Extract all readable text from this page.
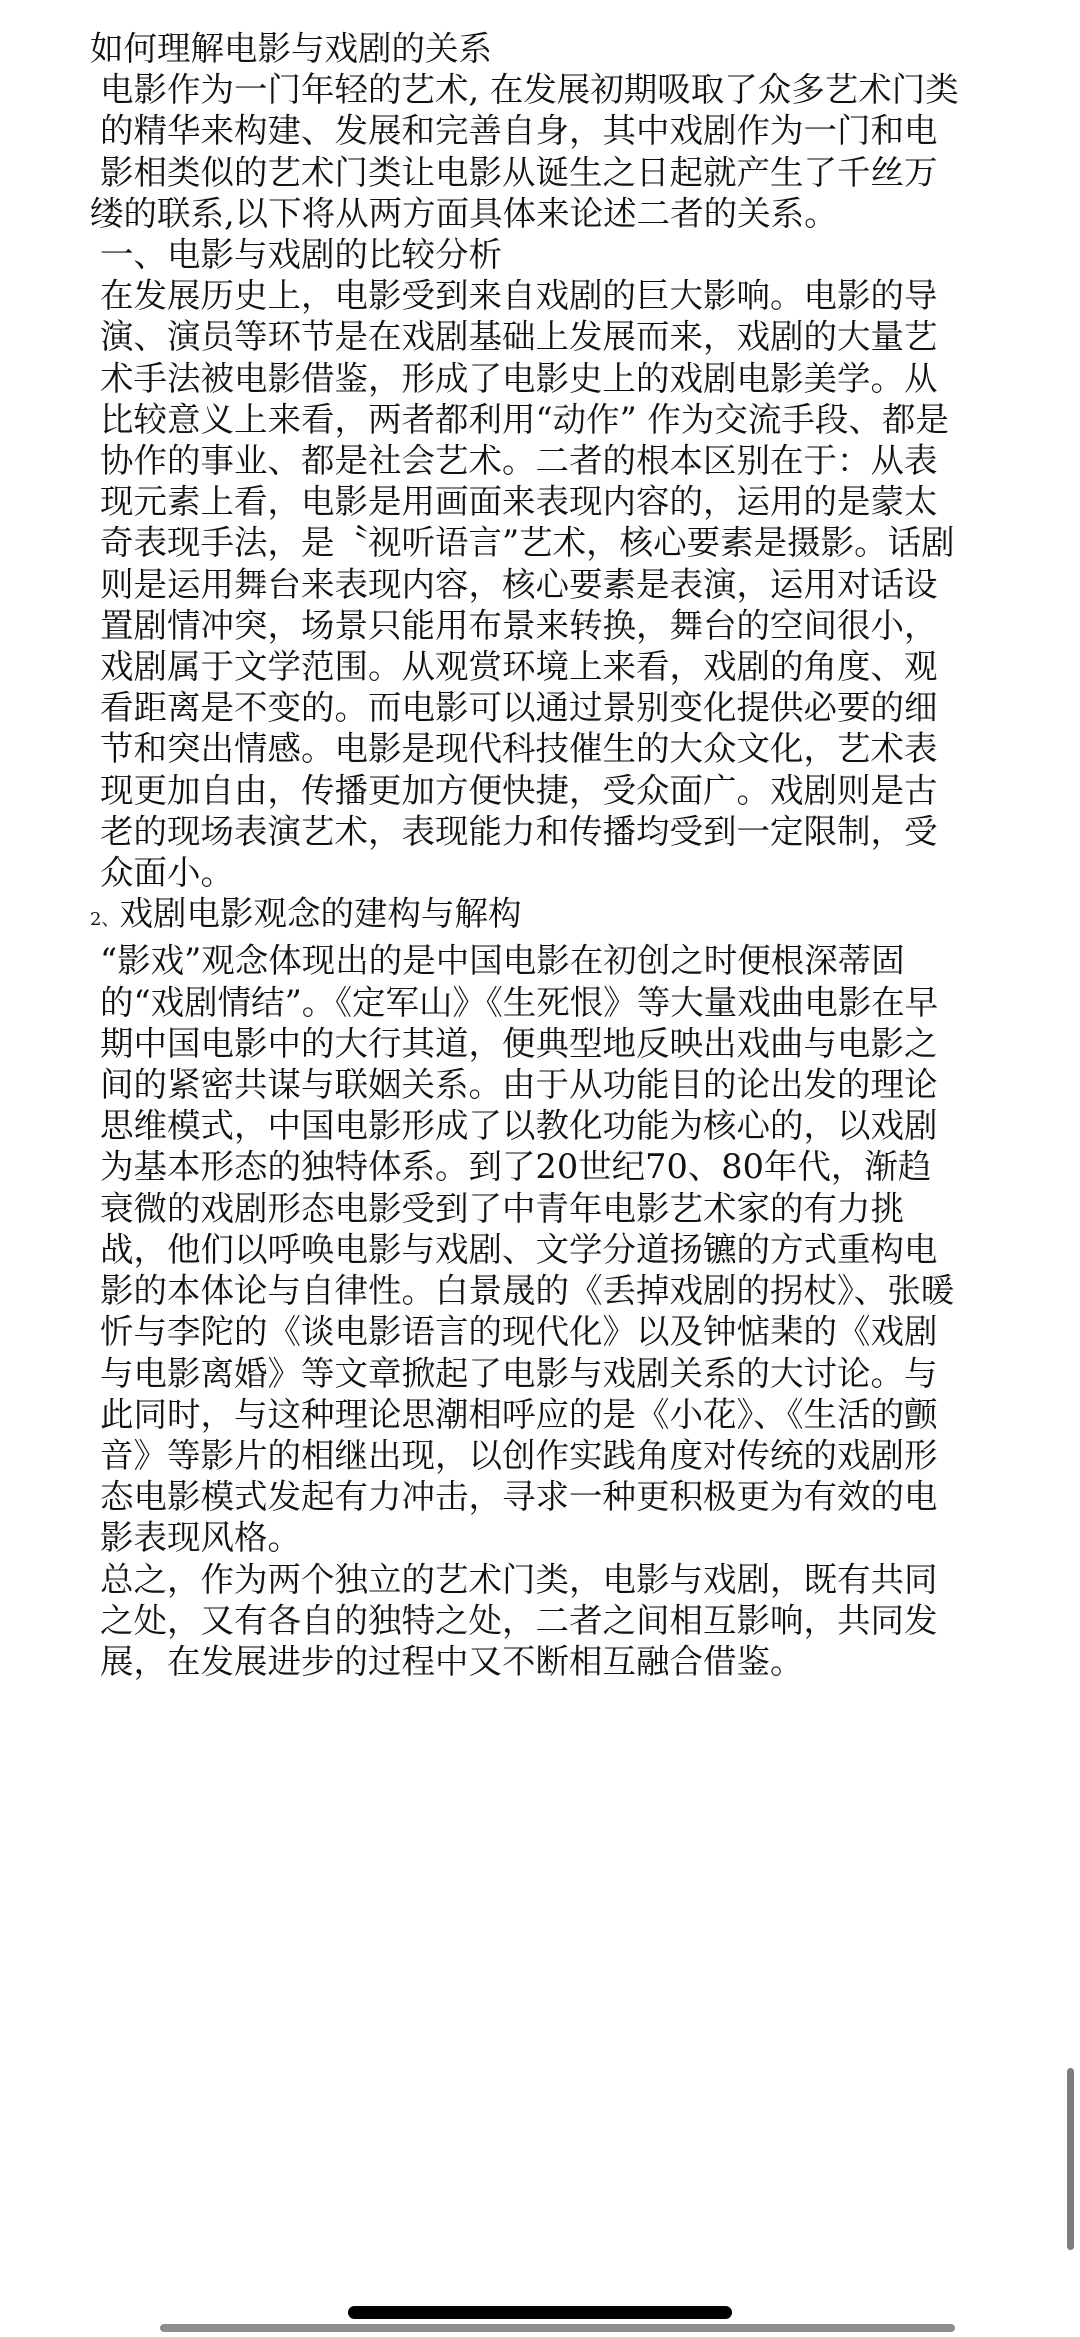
如何理解电影与戏剧的关系

电影作为一门年轻的艺术, 在发展初期吸取了众多艺术门类的精华来构建、发展和完善自身，其中戏剧作为一门和电影相类似的艺术门类让电影从诞生之日起就产生了千丝万

缕的联系,以下将从两方面具体来论述二者的关系。

一、电影与戏剧的比较分析

在发展历史上，电影受到来自戏剧的巨大影响。电影的导演、演员等环节是在戏剧基础上发展而来，戏剧的大量艺术手法被电影借鉴，形成了电影史上的戏剧电影美学。从比较意义上来看，两者都利用“动作” 作为交流手段、都是协作的事业、都是社会艺术。二者的根本区别在于：从表现元素上看，电影是用画面来表现内容的，运用的是蒙太奇表现手法，是〝视听语言”艺术，核心要素是摄影。话剧则是运用舞台来表现内容，核心要素是表演，运用对话设置剧情冲突，场景只能用布景来转换，舞台的空间很小，戏剧属于文学范围。从观赏环境上来看，戏剧的角度、观看距离是不变的。而电影可以通过景别变化提供必要的细节和突出情感。电影是现代科技催生的大众文化，艺术表现更加自由，传播更加方便快捷，受众面广。戏剧则是古老的现场表演艺术，表现能力和传播均受到一定限制，受众面小。

2、戏剧电影观念的建构与解构

“影戏”观念体现出的是中国电影在初创之时便根深蒂固的“戏剧情结”。《定军山》《生死恨》等大量戏曲电影在早期中国电影中的大行其道，便典型地反映出戏曲与电影之间的紧密共谋与联姻关系。由于从功能目的论出发的理论思维模式，中国电影形成了以教化功能为核心的，以戏剧为基本形态的独特体系。到了20世纪70、80年代，渐趋衰微的戏剧形态电影受到了中青年电影艺术家的有力挑战，他们以呼唤电影与戏剧、文学分道扬镳的方式重构电影的本体论与自律性。白景晟的《丢掉戏剧的拐杖》、张暖忻与李陀的《谈电影语言的现代化》以及钟惦棐的《戏剧与电影离婚》等文章掀起了电影与戏剧关系的大讨论。与此同时，与这种理论思潮相呼应的是《小花》、《生活的颤音》等影片的相继出现，以创作实践角度对传统的戏剧形态电影模式发起有力冲击，寻求一种更积极更为有效的电影表现风格。

总之，作为两个独立的艺术门类，电影与戏剧，既有共同之处，又有各自的独特之处，二者之间相互影响，共同发展，在发展进步的过程中又不断相互融合借鉴。
